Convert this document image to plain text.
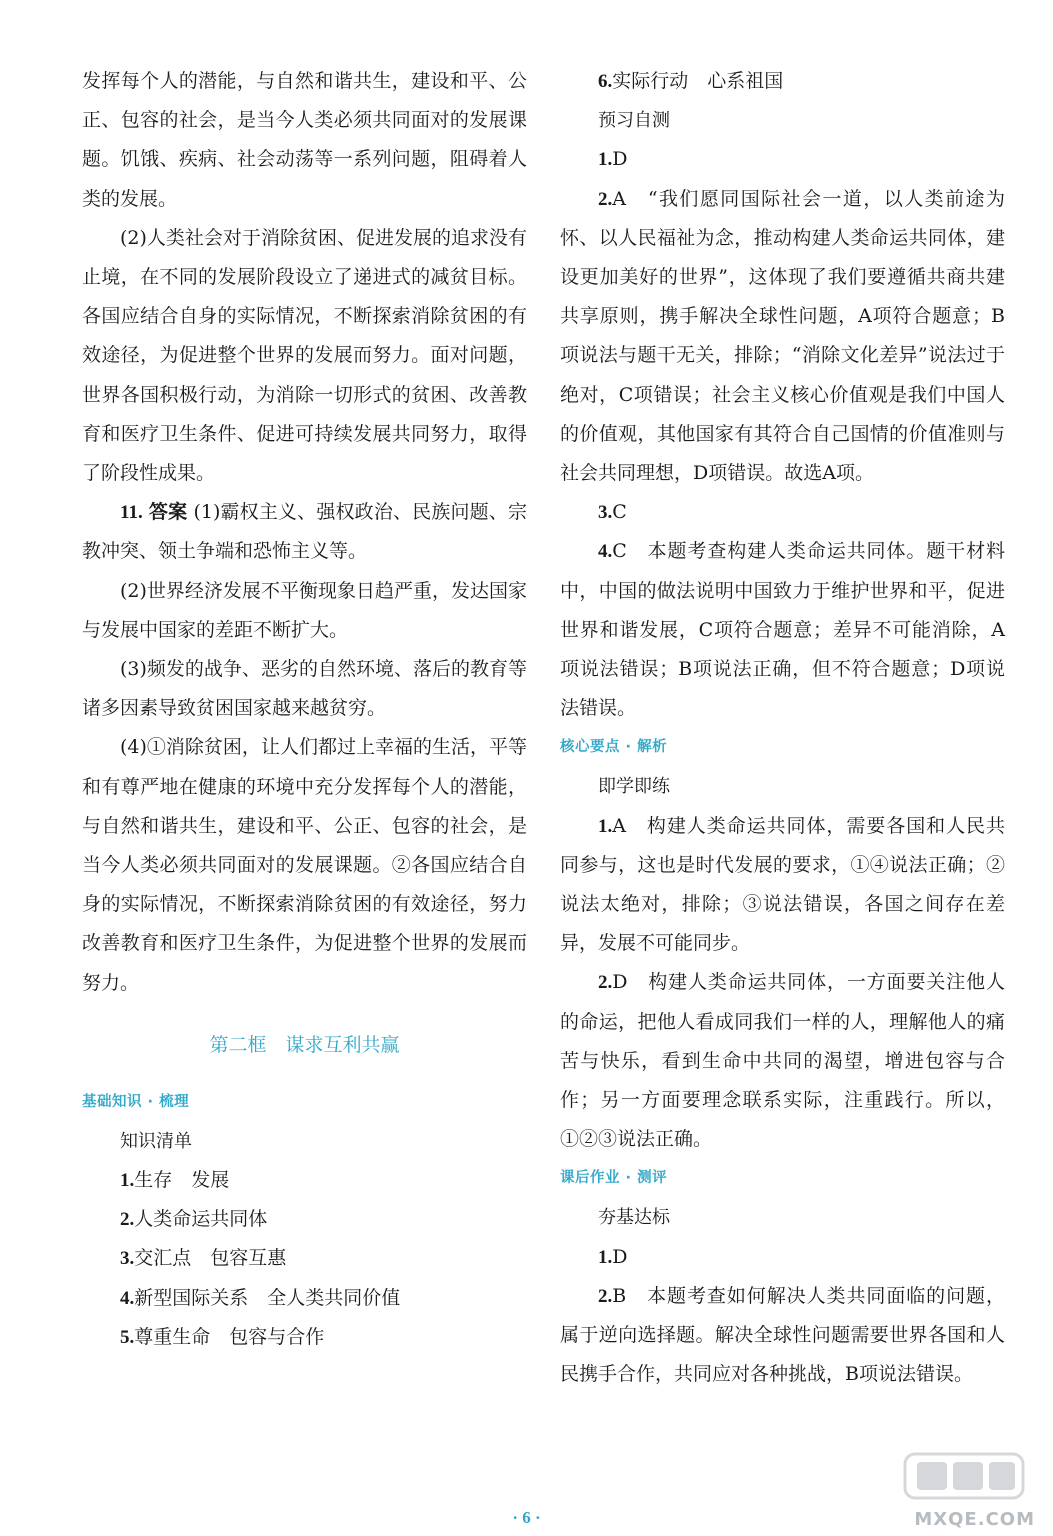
发挥每个人的潜能，与自然和谐共生，建设和平、公正、包容的社会，是当今人类必须共同面对的发展课题。饥饿、疾病、社会动荡等一系列问题，阻碍着人类的发展。

(2)人类社会对于消除贫困、促进发展的追求没有止境，在不同的发展阶段设立了递进式的减贫目标。各国应结合自身的实际情况，不断探索消除贫困的有效途径，为促进整个世界的发展而努力。面对问题，世界各国积极行动，为消除一切形式的贫困、改善教育和医疗卫生条件、促进可持续发展共同努力，取得了阶段性成果。

11. 答案 (1)霸权主义、强权政治、民族问题、宗教冲突、领土争端和恐怖主义等。

(2)世界经济发展不平衡现象日趋严重，发达国家与发展中国家的差距不断扩大。

(3)频发的战争、恶劣的自然环境、落后的教育等诸多因素导致贫困国家越来越贫穷。

(4)①消除贫困，让人们都过上幸福的生活，平等和有尊严地在健康的环境中充分发挥每个人的潜能，与自然和谐共生，建设和平、公正、包容的社会，是当今人类必须共同面对的发展课题。②各国应结合自身的实际情况，不断探索消除贫困的有效途径，努力改善教育和医疗卫生条件，为促进整个世界的发展而努力。

第二框　谋求互利共赢
基础知识 · 梳理
知识清单

1.生存　发展

2.人类命运共同体

3.交汇点　包容互惠

4.新型国际关系　全人类共同价值

5.尊重生命　包容与合作

6.实际行动　心系祖国

预习自测

1.D

2.A　“我们愿同国际社会一道，以人类前途为怀、以人民福祉为念，推动构建人类命运共同体，建设更加美好的世界”，这体现了我们要遵循共商共建共享原则，携手解决全球性问题，A项符合题意；B项说法与题干无关，排除；“消除文化差异”说法过于绝对，C项错误；社会主义核心价值观是我们中国人的价值观，其他国家有其符合自己国情的价值准则与社会共同理想，D项错误。故选A项。

3.C

4.C　本题考查构建人类命运共同体。题干材料中，中国的做法说明中国致力于维护世界和平，促进世界和谐发展，C项符合题意；差异不可能消除，A项说法错误；B项说法正确，但不符合题意；D项说法错误。

核心要点 · 解析
即学即练

1.A　构建人类命运共同体，需要各国和人民共同参与，这也是时代发展的要求，①④说法正确；②说法太绝对，排除；③说法错误，各国之间存在差异，发展不可能同步。

2.D　构建人类命运共同体，一方面要关注他人的命运，把他人看成同我们一样的人，理解他人的痛苦与快乐，看到生命中共同的渴望，增进包容与合作；另一方面要理念联系实际，注重践行。所以，①②③说法正确。

课后作业 · 测评
夯基达标

1.D

2.B　本题考查如何解决人类共同面临的问题，属于逆向选择题。解决全球性问题需要世界各国和人民携手合作，共同应对各种挑战，B项说法错误。

· 6 ·	MXQE.COM
